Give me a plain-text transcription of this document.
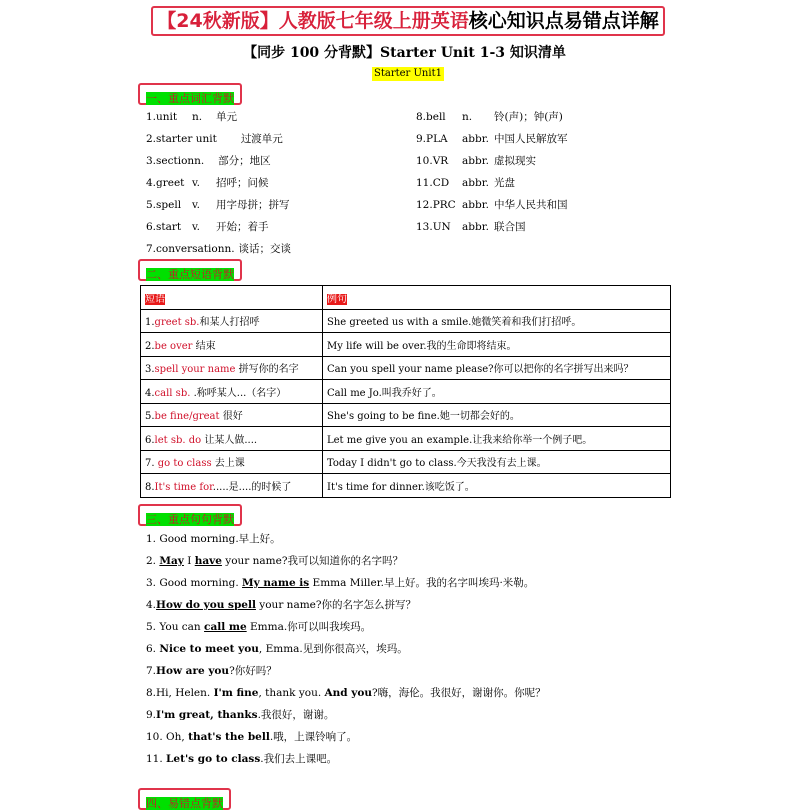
【24秋新版】人教版七年级上册英语核心知识点易错点详解
【同步 100 分背默】Starter Unit 1-3 知识清单
Starter Unit1
一、重点词汇背默
1.unit n. 单元
2.starter unit 过渡单元
3.sectionn. 部分；地区
4.greet v. 招呼；问候
5.spell v. 用字母拼；拼写
6.start v. 开始；着手
7.conversationn. 谈话；交谈
8.bell n. 铃(声)；钟(声)
9.PLA abbr. 中国人民解放军
10.VR abbr. 虚拟现实
11.CD abbr. 光盘
12.PRC abbr. 中华人民共和国
13.UN abbr. 联合国
二、重点短语背默
短语	例句
1.greet sb.和某人打招呼	She greeted us with a smile.她微笑着和我们打招呼。
2.be over 结束	My life will be over.我的生命即将结束。
3.spell your name 拼写你的名字	Can you spell your name please?你可以把你的名字拼写出来吗？
4.call sb. .称呼某人...（名字）	Call me Jo.叫我乔好了。
5.be fine/great 很好	She's going to be fine.她一切都会好的。
6.let sb. do 让某人做....	Let me give you an example.让我来给你举一个例子吧。
7. go to class 去上课	Today I didn't go to class.今天我没有去上课。
8.It's time for.....是....的时候了	It's time for dinner.该吃饭了。
三、重点句句背默
1. Good morning.早上好。
2. May I have your name?我可以知道你的名字吗？
3. Good morning. My name is Emma Miller.早上好。我的名字叫埃玛·米勒。
4.How do you spell your name?你的名字怎么拼写？
5. You can call me Emma.你可以叫我埃玛。
6. Nice to meet you, Emma.见到你很高兴，埃玛。
7.How are you?你好吗？
8.Hi, Helen. I'm fine, thank you. And you?嗨，海伦。我很好，谢谢你。你呢？
9.I'm great, thanks.我很好，谢谢。
10. Oh, that's the bell.哦，上课铃响了。
11. Let's go to class.我们去上课吧。
四、易错点背默
